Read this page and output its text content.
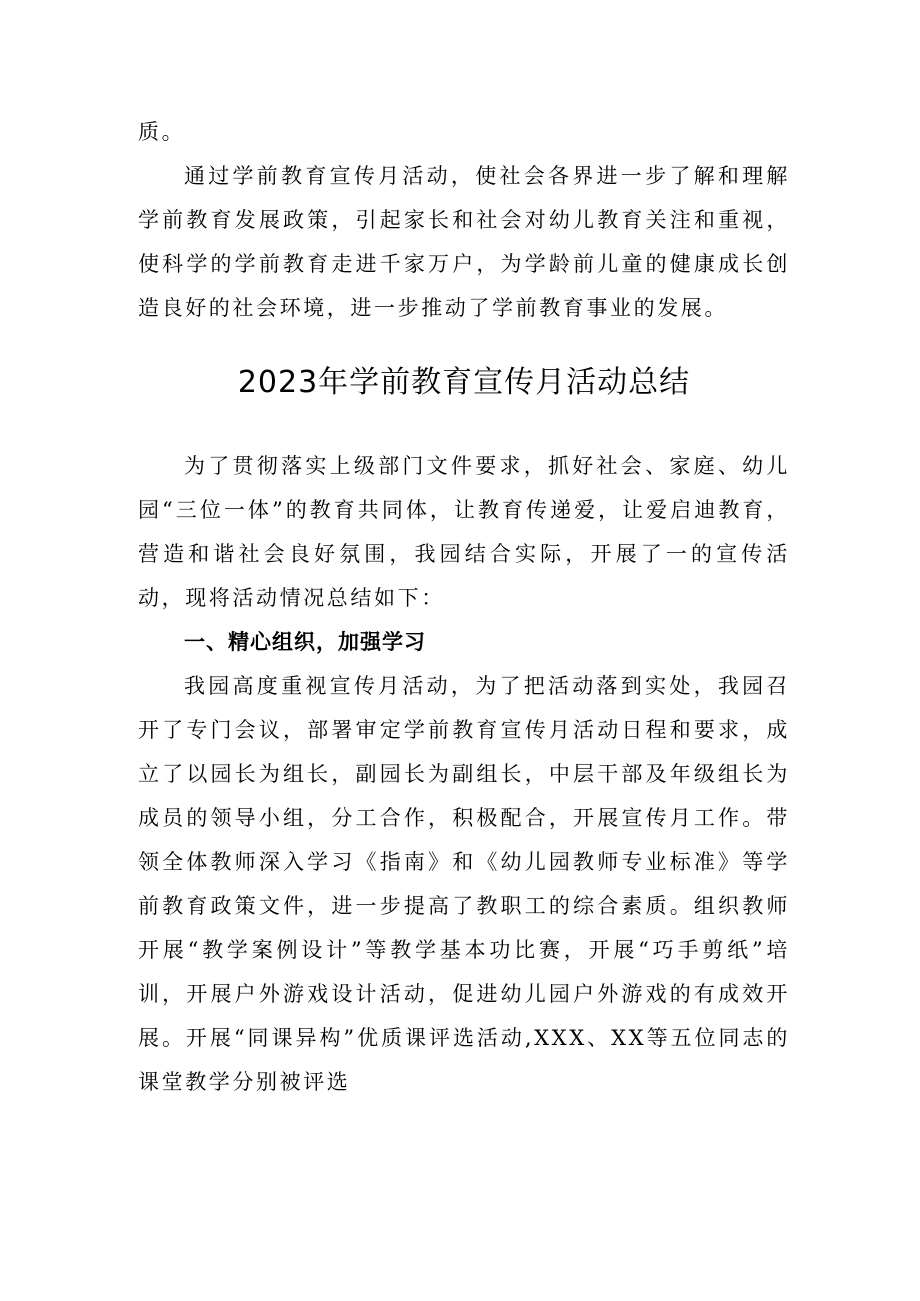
质。

通过学前教育宣传月活动，使社会各界进一步了解和理解学前教育发展政策，引起家长和社会对幼儿教育关注和重视，使科学的学前教育走进千家万户，为学龄前儿童的健康成长创造良好的社会环境，进一步推动了学前教育事业的发展。

2023年学前教育宣传月活动总结

为了贯彻落实上级部门文件要求，抓好社会、家庭、幼儿园“三位一体”的教育共同体，让教育传递爱，让爱启迪教育，营造和谐社会良好氛围，我园结合实际，开展了一的宣传活动，现将活动情况总结如下：

一、精心组织，加强学习

我园高度重视宣传月活动，为了把活动落到实处，我园召开了专门会议，部署审定学前教育宣传月活动日程和要求，成立了以园长为组长，副园长为副组长，中层干部及年级组长为成员的领导小组，分工合作，积极配合，开展宣传月工作。带领全体教师深入学习《指南》和《幼儿园教师专业标准》等学前教育政策文件，进一步提高了教职工的综合素质。组织教师开展“教学案例设计”等教学基本功比赛，开展“巧手剪纸”培训，开展户外游戏设计活动，促进幼儿园户外游戏的有成效开展。开展“同课异构”优质课评选活动,XXX、XX等五位同志的课堂教学分别被评选
